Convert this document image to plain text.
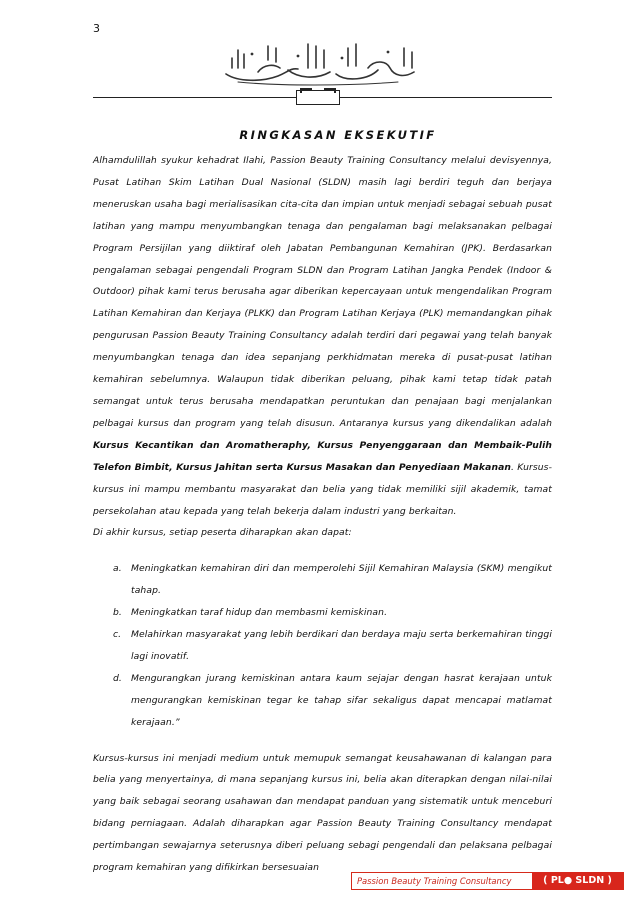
3
RINGKASAN EKSEKUTIF

Alhamdulillah syukur kehadrat Ilahi, Passion Beauty Training Consultancy melalui devisyennya, Pusat Latihan Skim Latihan Dual Nasional (SLDN) masih lagi berdiri teguh dan berjaya meneruskan usaha bagi merialisasikan cita-cita dan impian untuk menjadi sebagai sebuah pusat latihan yang mampu menyumbangkan tenaga dan pengalaman bagi melaksanakan pelbagai Program Persijilan yang diiktiraf oleh Jabatan Pembangunan Kemahiran (JPK). Berdasarkan pengalaman sebagai pengendali Program SLDN dan Program Latihan Jangka Pendek (Indoor & Outdoor) pihak kami terus berusaha agar diberikan kepercayaan untuk mengendalikan Program Latihan Kemahiran dan Kerjaya (PLKK) dan Program Latihan Kerjaya (PLK) memandangkan pihak pengurusan Passion Beauty Training Consultancy adalah terdiri dari pegawai yang telah banyak menyumbangkan tenaga dan idea sepanjang perkhidmatan mereka di pusat-pusat latihan kemahiran sebelumnya. Walaupun tidak diberikan peluang, pihak kami tetap tidak patah semangat untuk terus berusaha mendapatkan peruntukan dan penajaan bagi menjalankan pelbagai kursus dan program yang telah disusun. Antaranya kursus yang dikendalikan adalah Kursus Kecantikan dan Aromatheraphy, Kursus Penyenggaraan dan Membaik-Pulih Telefon Bimbit, Kursus Jahitan serta Kursus Masakan dan Penyediaan Makanan. Kursus-kursus ini mampu membantu masyarakat dan belia yang tidak memiliki sijil akademik, tamat persekolahan atau kepada yang telah bekerja dalam industri yang berkaitan.

Di akhir kursus, setiap peserta diharapkan akan dapat:

a. Meningkatkan kemahiran diri dan memperolehi Sijil Kemahiran Malaysia (SKM) mengikut tahap.
b. Meningkatkan taraf hidup dan membasmi kemiskinan.
c. Melahirkan masyarakat yang lebih berdikari dan berdaya maju serta berkemahiran tinggi lagi inovatif.
d. Mengurangkan jurang kemiskinan antara kaum sejajar dengan hasrat kerajaan untuk mengurangkan kemiskinan tegar ke tahap sifar sekaligus dapat mencapai matlamat kerajaan.”

Kursus-kursus ini menjadi medium untuk memupuk semangat keusahawanan di kalangan para belia yang menyertainya, di mana sepanjang kursus ini, belia akan diterapkan dengan nilai-nilai yang baik sebagai seorang usahawan dan mendapat panduan yang sistematik untuk menceburi bidang perniagaan. Adalah diharapkan agar Passion Beauty Training Consultancy mendapat pertimbangan sewajarnya seterusnya diberi peluang sebagi pengendali dan pelaksana pelbagai program kemahiran yang difikirkan bersesuaian

Passion Beauty Training Consultancy	( PL● SLDN )
